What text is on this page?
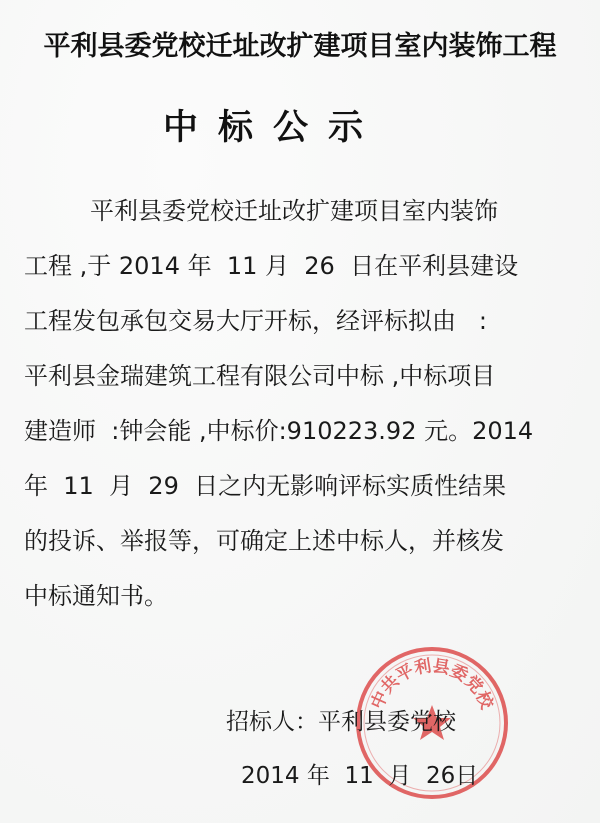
平利县委党校迁址改扩建项目室内装饰工程
中标公示
平利县委党校迁址改扩建项目室内装饰
工程 ,于 2014 年  11 月  26  日在平利县建设
工程发包承包交易大厅开标，经评标拟由   :
平利县金瑞建筑工程有限公司中标 ,中标项目
建造师  :钟会能 ,中标价:910223.92 元。2014
年  11  月  29  日之内无影响评标实质性结果
的投诉、举报等，可确定上述中标人，并核发
中标通知书。
中共平利县委党校
招标人：平利县委党校
2014 年  11  月  26日
